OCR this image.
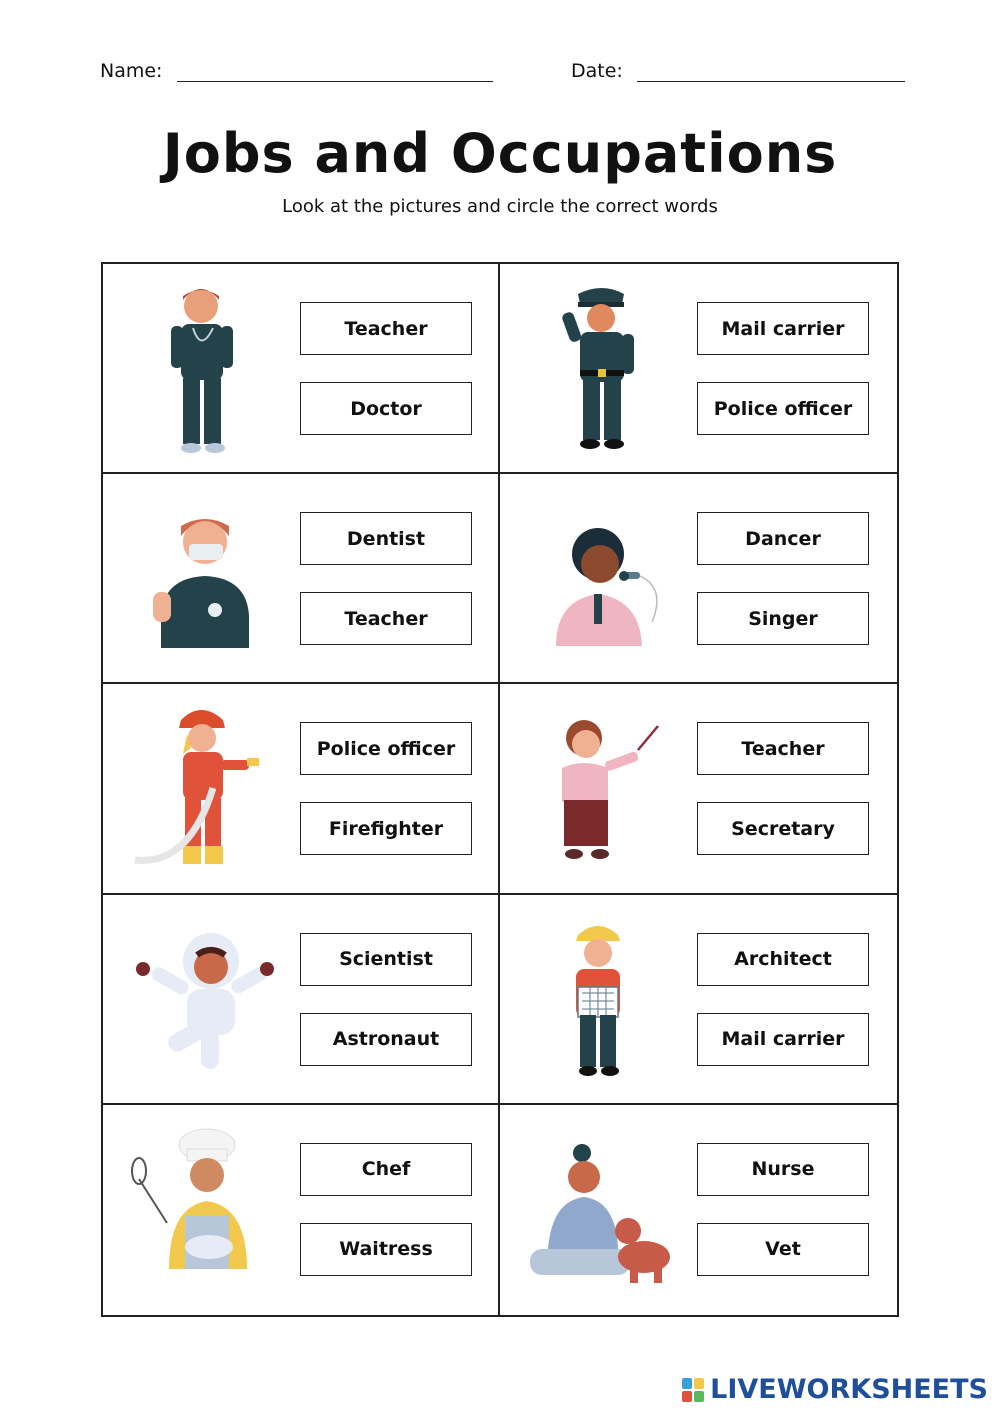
Name:	Date:
Jobs and Occupations
Look at the pictures and circle the correct words
Teacher
Doctor
Mail carrier
Police officer
Dentist
Teacher
Dancer
Singer
Police officer
Firefighter
Teacher
Secretary
Scientist
Astronaut
Architect
Mail carrier
Chef
Waitress
Nurse
Vet
LIVEWORKSHEETS
